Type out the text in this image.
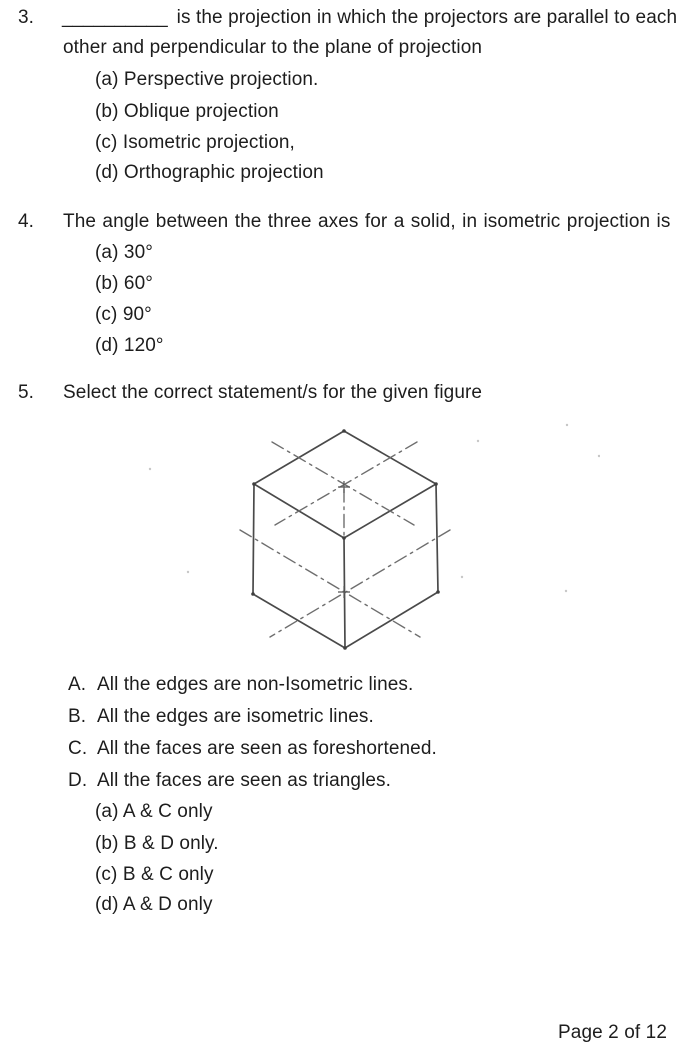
3. __________ is the projection in which the projectors are parallel to each
other and perpendicular to the plane of projection
(a) Perspective projection.
(b) Oblique projection
(c) Isometric projection,
(d) Orthographic projection
4. The angle between the three axes for a solid, in isometric projection is
(a) 30°
(b) 60°
(c) 90°
(d) 120°
5. Select the correct statement/s for the given figure
A. All the edges are non-Isometric lines.
B. All the edges are isometric lines.
C. All the faces are seen as foreshortened.
D. All the faces are seen as triangles.
(a) A & C only
(b) B & D only.
(c) B & C only
(d) A & D only
Page 2 of 12
